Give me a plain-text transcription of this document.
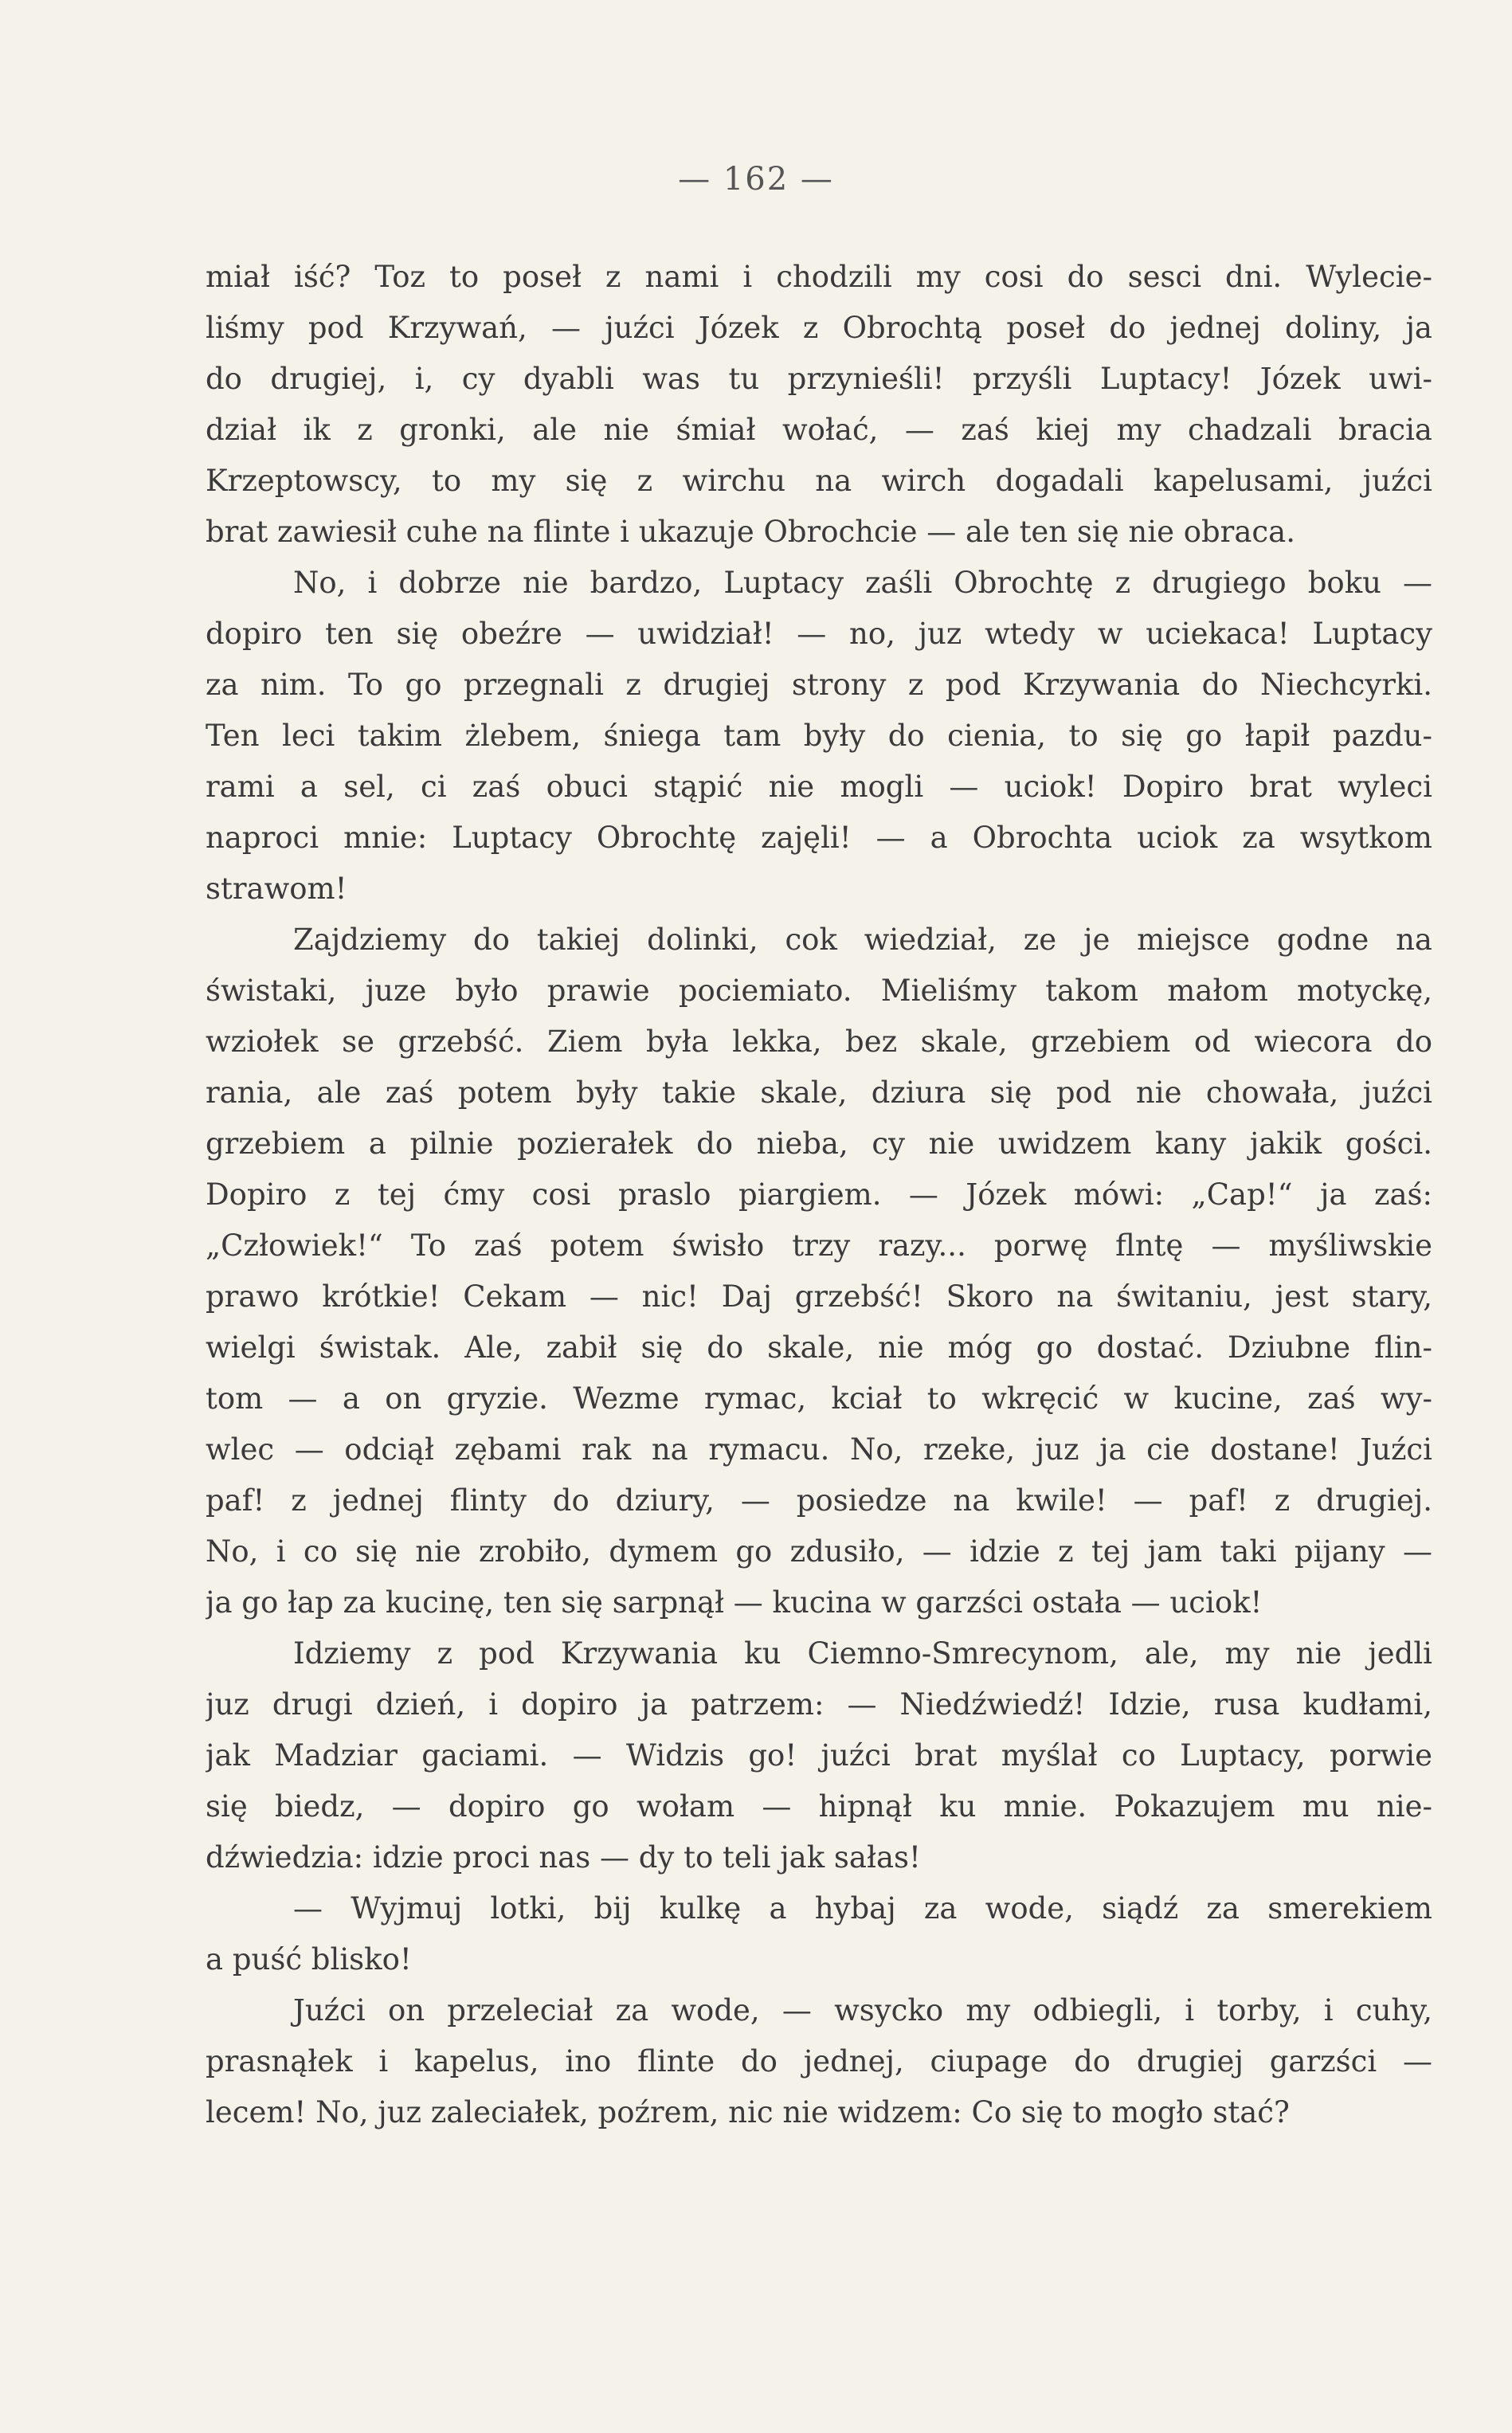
— 162 —
miał iść? Toz to poseł z nami i chodzili my cosi do sesci dni. Wylecie-
liśmy pod Krzywań, — juźci Józek z Obrochtą poseł do jednej doliny, ja
do drugiej, i, cy dyabli was tu przynieśli! przyśli Luptacy! Józek uwi-
dział ik z gronki, ale nie śmiał wołać, — zaś kiej my chadzali bracia
Krzeptowscy, to my się z wirchu na wirch dogadali kapelusami, juźci
brat zawiesił cuhe na flinte i ukazuje Obrochcie — ale ten się nie obraca.
No, i dobrze nie bardzo, Luptacy zaśli Obrochtę z drugiego boku —
dopiro ten się obeźre — uwidział! — no, juz wtedy w uciekaca! Luptacy
za nim. To go przegnali z drugiej strony z pod Krzywania do Niechcyrki.
Ten leci takim żlebem, śniega tam były do cienia, to się go łapił pazdu-
rami a sel, ci zaś obuci stąpić nie mogli — uciok! Dopiro brat wyleci
naproci mnie: Luptacy Obrochtę zajęli! — a Obrochta uciok za wsytkom
strawom!
Zajdziemy do takiej dolinki, cok wiedział, ze je miejsce godne na
świstaki, juze było prawie pociemiato. Mieliśmy takom małom motyckę,
wziołek se grzebść. Ziem była lekka, bez skale, grzebiem od wiecora do
rania, ale zaś potem były takie skale, dziura się pod nie chowała, juźci
grzebiem a pilnie pozierałek do nieba, cy nie uwidzem kany jakik gości.
Dopiro z tej ćmy cosi praslo piargiem. — Józek mówi: „Cap!“ ja zaś:
„Człowiek!“ To zaś potem świsło trzy razy... porwę flntę — myśliwskie
prawo krótkie! Cekam — nic! Daj grzebść! Skoro na świtaniu, jest stary,
wielgi świstak. Ale, zabił się do skale, nie móg go dostać. Dziubne flin-
tom — a on gryzie. Wezme rymac, kciał to wkręcić w kucine, zaś wy-
wlec — odciął zębami rak na rymacu. No, rzeke, juz ja cie dostane! Juźci
paf! z jednej flinty do dziury, — posiedze na kwile! — paf! z drugiej.
No, i co się nie zrobiło, dymem go zdusiło, — idzie z tej jam taki pijany —
ja go łap za kucinę, ten się sarpnął — kucina w garzści ostała — uciok!
Idziemy z pod Krzywania ku Ciemno-Smrecynom, ale, my nie jedli
juz drugi dzień, i dopiro ja patrzem: — Niedźwiedź! Idzie, rusa kudłami,
jak Madziar gaciami. — Widzis go! juźci brat myślał co Luptacy, porwie
się biedz, — dopiro go wołam — hipnął ku mnie. Pokazujem mu nie-
dźwiedzia: idzie proci nas — dy to teli jak sałas!
— Wyjmuj lotki, bij kulkę a hybaj za wode, siądź za smerekiem
a puść blisko!
Juźci on przeleciał za wode, — wsycko my odbiegli, i torby, i cuhy,
prasnąłek i kapelus, ino flinte do jednej, ciupage do drugiej garzści —
lecem! No, juz zaleciałek, poźrem, nic nie widzem: Co się to mogło stać?
